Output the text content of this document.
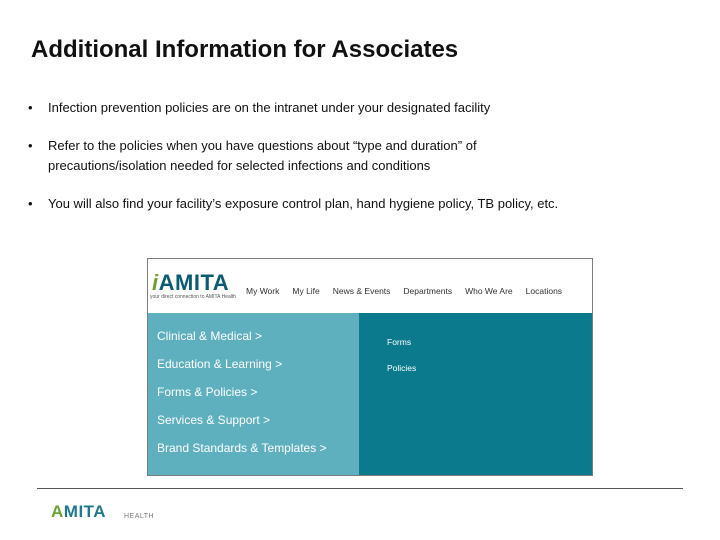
Additional Information for Associates
• Infection prevention policies are on the intranet under your designated facility
• Refer to the policies when you have questions about “type and duration” of precautions/isolation needed for selected infections and conditions
• You will also find your facility’s exposure control plan, hand hygiene policy, TB policy, etc.
iAMITA
your direct connection to AMITA Health
My Work My Life News & Events Departments Who We Are Locations
Clinical & Medical >
Education & Learning >
Forms & Policies >
Services & Support >
Brand Standards & Templates >
Forms
Policies
AMITA	HEALTH
